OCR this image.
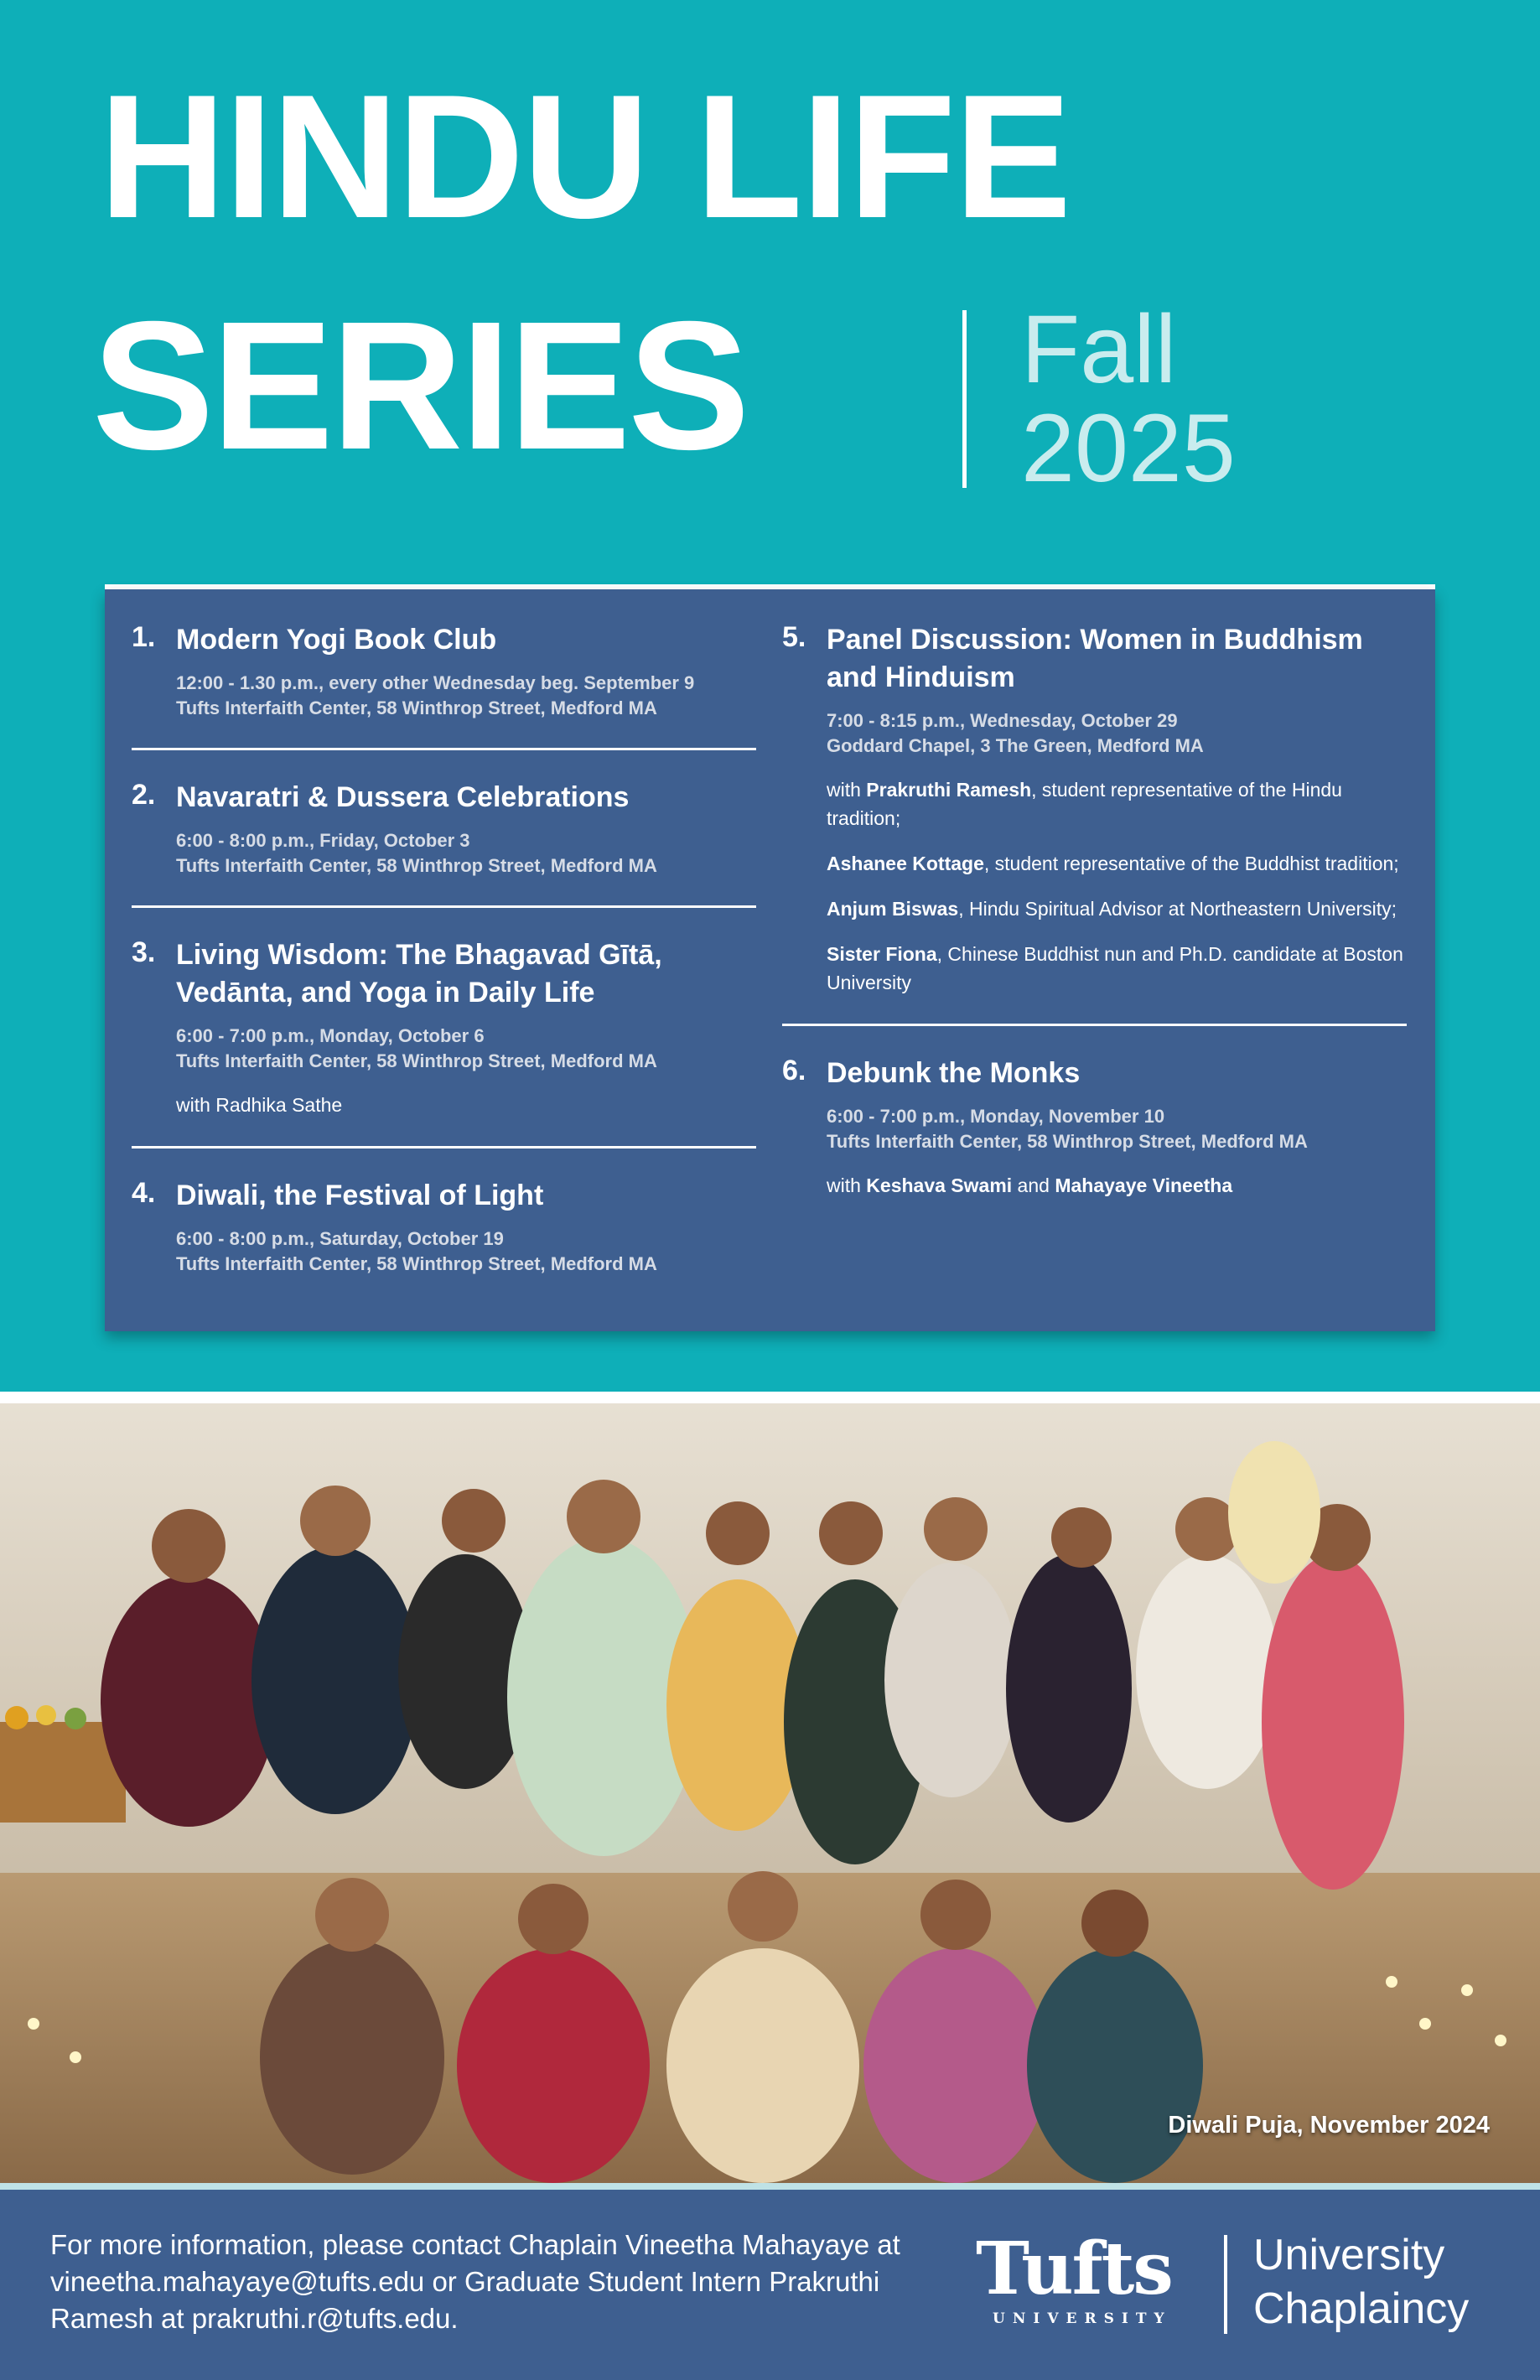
HINDU LIFE
SERIES	Fall
2025
1. Modern Yogi Book Club
12:00 - 1.30 p.m., every other Wednesday beg. September 9
Tufts Interfaith Center, 58 Winthrop Street, Medford MA
2. Navaratri & Dussera Celebrations
6:00 - 8:00 p.m., Friday, October 3
Tufts Interfaith Center, 58 Winthrop Street, Medford MA
3. Living Wisdom: The Bhagavad Gītā, Vedānta, and Yoga in Daily Life
6:00 - 7:00 p.m., Monday, October 6
Tufts Interfaith Center, 58 Winthrop Street, Medford MA
with Radhika Sathe
4. Diwali, the Festival of Light
6:00 - 8:00 p.m., Saturday, October 19
Tufts Interfaith Center, 58 Winthrop Street, Medford MA
5. Panel Discussion: Women in Buddhism and Hinduism
7:00 - 8:15 p.m., Wednesday, October 29
Goddard Chapel, 3 The Green, Medford MA
with Prakruthi Ramesh, student representative of the Hindu tradition;
Ashanee Kottage, student representative of the Buddhist tradition;
Anjum Biswas, Hindu Spiritual Advisor at Northeastern University;
Sister Fiona, Chinese Buddhist nun and Ph.D. candidate at Boston University
6. Debunk the Monks
6:00 - 7:00 p.m., Monday, November 10
Tufts Interfaith Center, 58 Winthrop Street, Medford MA
with Keshava Swami and Mahayaye Vineetha
Diwali Puja, November 2024
For more information, please contact Chaplain Vineetha Mahayaye at vineetha.mahayaye@tufts.edu or Graduate Student Intern Prakruthi Ramesh at prakruthi.r@tufts.edu.
Tufts
UNIVERSITY
University
Chaplaincy
